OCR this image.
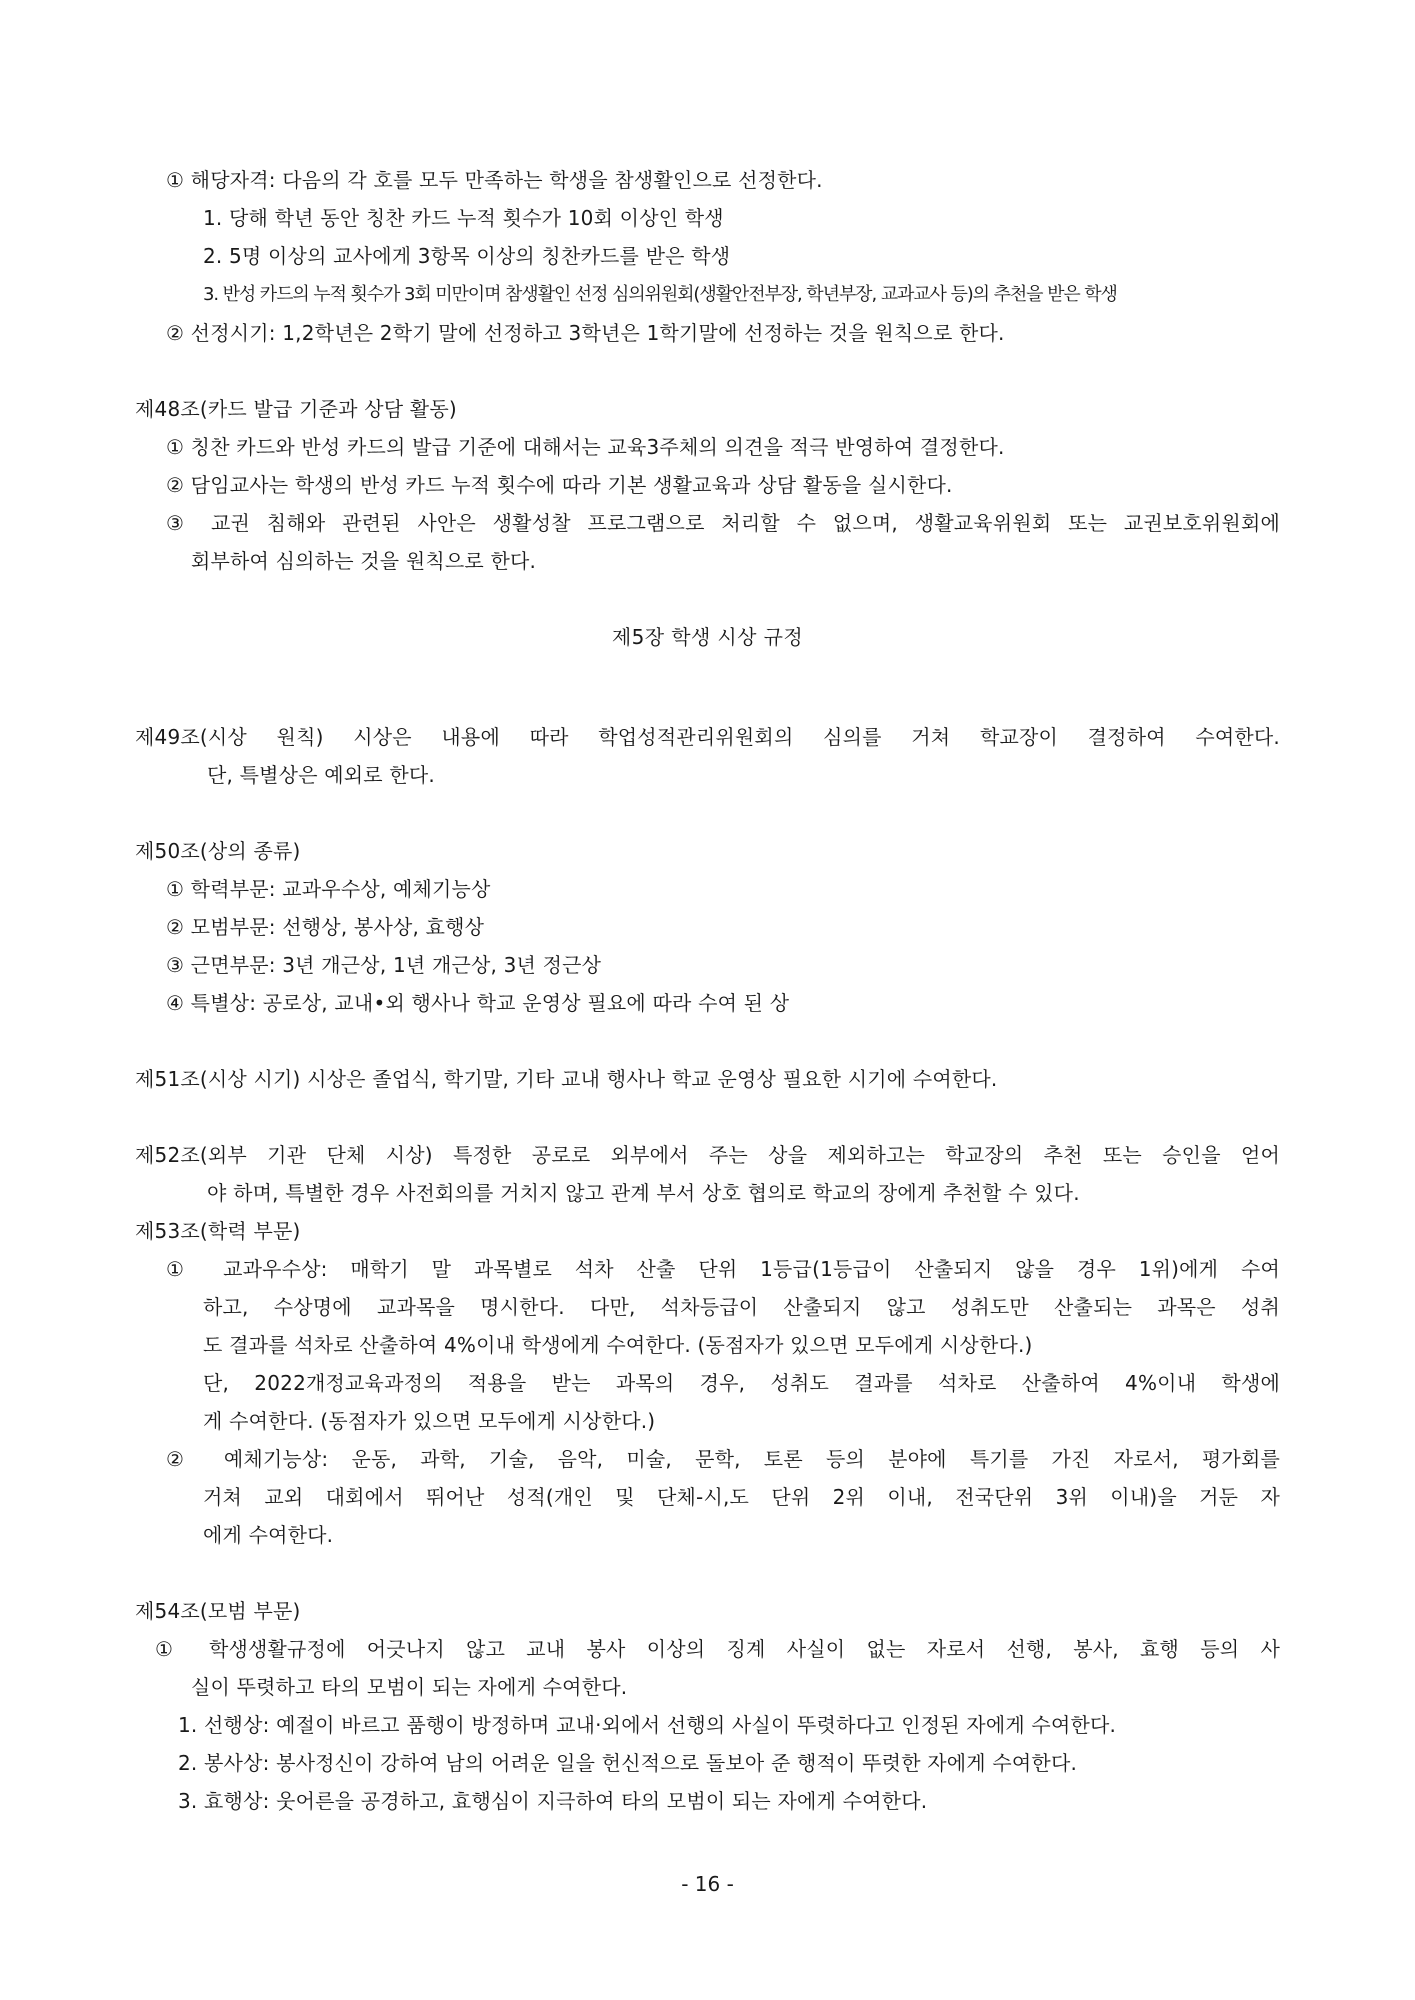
① 해당자격: 다음의 각 호를 모두 만족하는 학생을 참생활인으로 선정한다.
1. 당해 학년 동안 칭찬 카드 누적 횟수가 10회 이상인 학생
2. 5명 이상의 교사에게 3항목 이상의 칭찬카드를 받은 학생
3. 반성 카드의 누적 횟수가 3회 미만이며 참생활인 선정 심의위원회(생활안전부장, 학년부장, 교과교사 등)의 추천을 받은 학생
② 선정시기: 1,2학년은 2학기 말에 선정하고 3학년은 1학기말에 선정하는 것을 원칙으로 한다.
제48조(카드 발급 기준과 상담 활동)
① 칭찬 카드와 반성 카드의 발급 기준에 대해서는 교육3주체의 의견을 적극 반영하여 결정한다.
② 담임교사는 학생의 반성 카드 누적 횟수에 따라 기본 생활교육과 상담 활동을 실시한다.
③ 교권 침해와 관련된 사안은 생활성찰 프로그램으로 처리할 수 없으며, 생활교육위원회 또는 교권보호위원회에
회부하여 심의하는 것을 원칙으로 한다.
제5장 학생 시상 규정
제49조(시상 원칙) 시상은 내용에 따라 학업성적관리위원회의 심의를 거쳐 학교장이 결정하여 수여한다.
단, 특별상은 예외로 한다.
제50조(상의 종류)
① 학력부문: 교과우수상, 예체기능상
② 모범부문: 선행상, 봉사상, 효행상
③ 근면부문: 3년 개근상, 1년 개근상, 3년 정근상
④ 특별상: 공로상, 교내•외 행사나 학교 운영상 필요에 따라 수여 된 상
제51조(시상 시기) 시상은 졸업식, 학기말, 기타 교내 행사나 학교 운영상 필요한 시기에 수여한다.
제52조(외부 기관 단체 시상) 특정한 공로로 외부에서 주는 상을 제외하고는 학교장의 추천 또는 승인을 얻어
야 하며, 특별한 경우 사전회의를 거치지 않고 관계 부서 상호 협의로 학교의 장에게 추천할 수 있다.
제53조(학력 부문)
① 교과우수상: 매학기 말 과목별로 석차 산출 단위 1등급(1등급이 산출되지 않을 경우 1위)에게 수여
하고, 수상명에 교과목을 명시한다. 다만, 석차등급이 산출되지 않고 성취도만 산출되는 과목은 성취
도 결과를 석차로 산출하여 4%이내 학생에게 수여한다. (동점자가 있으면 모두에게 시상한다.)
단, 2022개정교육과정의 적용을 받는 과목의 경우, 성취도 결과를 석차로 산출하여 4%이내 학생에
게 수여한다. (동점자가 있으면 모두에게 시상한다.)
② 예체기능상: 운동, 과학, 기술, 음악, 미술, 문학, 토론 등의 분야에 특기를 가진 자로서, 평가회를
거쳐 교외 대회에서 뛰어난 성적(개인 및 단체-시,도 단위 2위 이내, 전국단위 3위 이내)을 거둔 자
에게 수여한다.
제54조(모범 부문)
① 학생생활규정에 어긋나지 않고 교내 봉사 이상의 징계 사실이 없는 자로서 선행, 봉사, 효행 등의 사
실이 뚜렷하고 타의 모범이 되는 자에게 수여한다.
1. 선행상: 예절이 바르고 품행이 방정하며 교내·외에서 선행의 사실이 뚜렷하다고 인정된 자에게 수여한다.
2. 봉사상: 봉사정신이 강하여 남의 어려운 일을 헌신적으로 돌보아 준 행적이 뚜렷한 자에게 수여한다.
3. 효행상: 웃어른을 공경하고, 효행심이 지극하여 타의 모범이 되는 자에게 수여한다.
- 16 -
